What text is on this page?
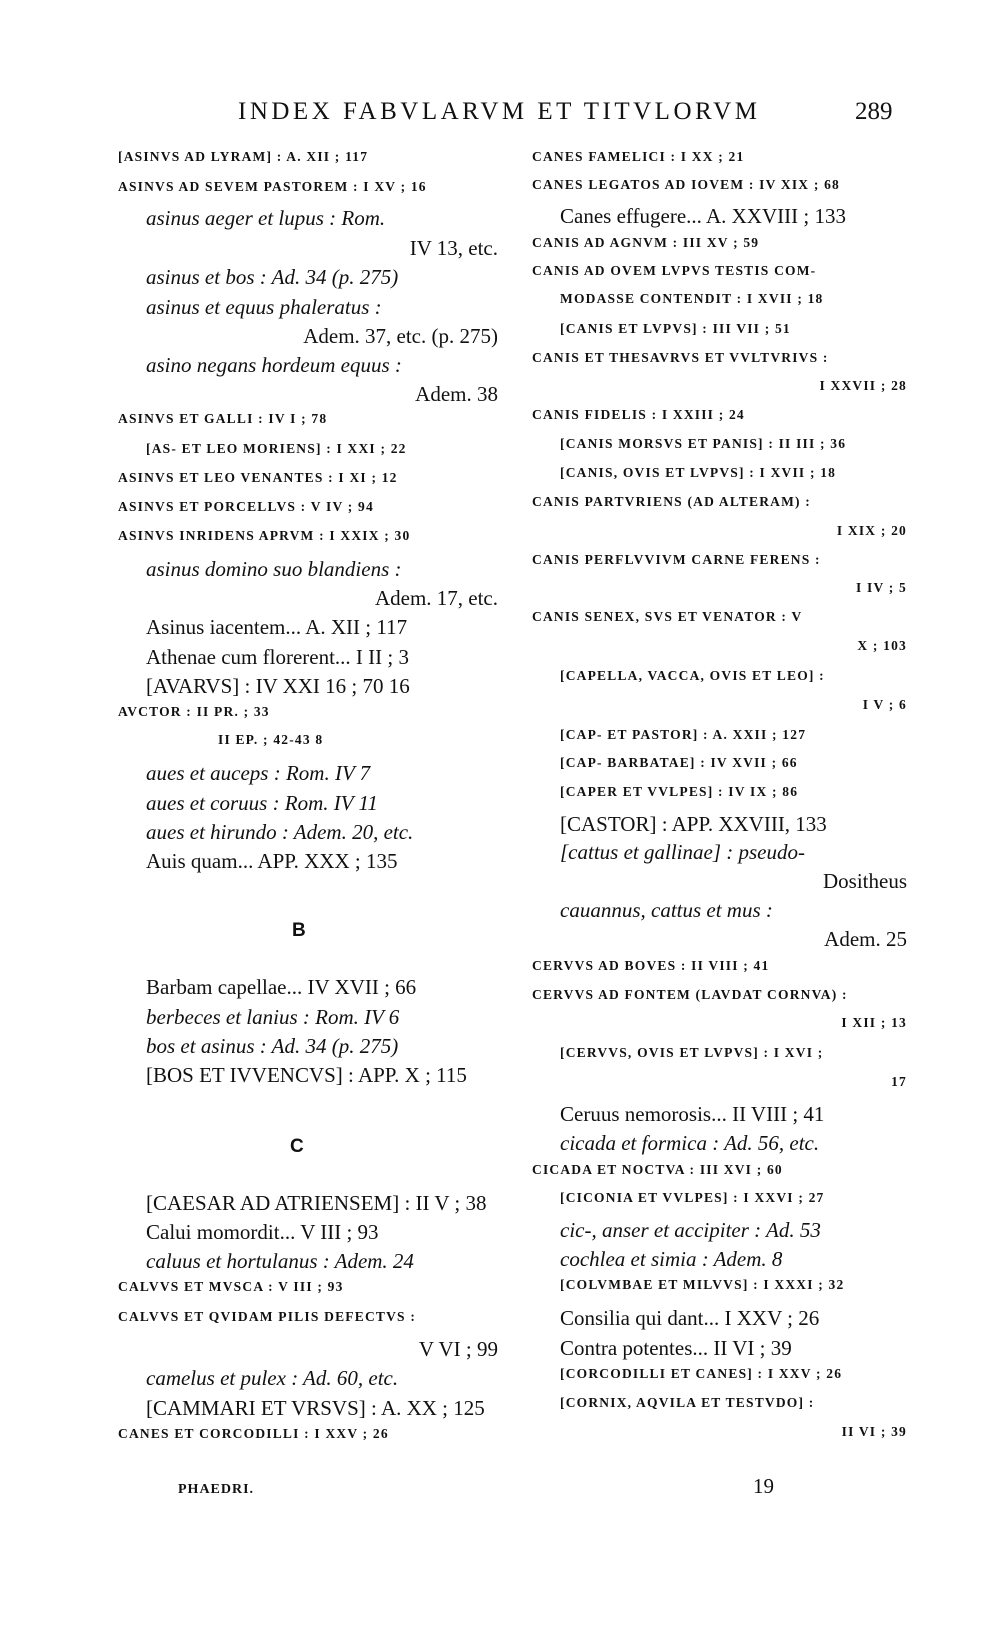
INDEX FABVLARVM ET TITVLORVM	289
[ASINVS AD LYRAM] : A. XII ; 117
ASINVS AD SEVEM PASTOREM : I XV ; 16
asinus aeger et lupus : Rom.
IV 13, etc.
asinus et bos : Ad. 34 (p. 275)
asinus et equus phaleratus :
Adem. 37, etc. (p. 275)
asino negans hordeum equus :
Adem. 38
ASINVS ET GALLI : IV I ; 78
[AS- ET LEO MORIENS] : I XXI ; 22
ASINVS ET LEO VENANTES : I XI ; 12
ASINVS ET PORCELLVS : V IV ; 94
ASINVS INRIDENS APRVM : I XXIX ; 30
asinus domino suo blandiens :
Adem. 17, etc.
Asinus iacentem... A. XII ; 117
Athenae cum florerent... I II ; 3
[AVARVS] : IV XXI 16 ; 70 16
AVCTOR : II PR. ; 33
II EP. ; 42-43 8
aues et auceps : Rom. IV 7
aues et coruus : Rom. IV 11
aues et hirundo : Adem. 20, etc.
Auis quam... APP. XXX ; 135
Barbam capellae... IV XVII ; 66
berbeces et lanius : Rom. IV 6
bos et asinus : Ad. 34 (p. 275)
[BOS ET IVVENCVS] : APP. X ; 115
[CAESAR AD ATRIENSEM] : II V ; 38
Calui momordit... V III ; 93
caluus et hortulanus : Adem. 24
CALVVS ET MVSCA : V III ; 93
CALVVS ET QVIDAM PILIS DEFECTVS :
V VI ; 99
camelus et pulex : Ad. 60, etc.
[CAMMARI ET VRSVS] : A. XX ; 125
CANES ET CORCODILLI : I XXV ; 26
CANES FAMELICI : I XX ; 21
CANES LEGATOS AD IOVEM : IV XIX ; 68
Canes effugere... A. XXVIII ; 133
CANIS AD AGNVM : III XV ; 59
CANIS AD OVEM LVPVS TESTIS COM-
MODASSE CONTENDIT : I XVII ; 18
[CANIS ET LVPVS] : III VII ; 51
CANIS ET THESAVRVS ET VVLTVRIVS :
I XXVII ; 28
CANIS FIDELIS : I XXIII ; 24
[CANIS MORSVS ET PANIS] : II III ; 36
[CANIS, OVIS ET LVPVS] : I XVII ; 18
CANIS PARTVRIENS (AD ALTERAM) :
I XIX ; 20
CANIS PERFLVVIVM CARNE FERENS :
I IV ; 5
CANIS SENEX, SVS ET VENATOR : V
X ; 103
[CAPELLA, VACCA, OVIS ET LEO] :
I V ; 6
[CAP- ET PASTOR] : A. XXII ; 127
[CAP- BARBATAE] : IV XVII ; 66
[CAPER ET VVLPES] : IV IX ; 86
[CASTOR] : APP. XXVIII, 133
[cattus et gallinae] : pseudo-
Dositheus
cauannus, cattus et mus :
Adem. 25
CERVVS AD BOVES : II VIII ; 41
CERVVS AD FONTEM (LAVDAT CORNVA) :
I XII ; 13
[CERVVS, OVIS ET LVPVS] : I XVI ;
17
Ceruus nemorosis... II VIII ; 41
cicada et formica : Ad. 56, etc.
CICADA ET NOCTVA : III XVI ; 60
[CICONIA ET VVLPES] : I XXVI ; 27
cic-, anser et accipiter : Ad. 53
cochlea et simia : Adem. 8
[COLVMBAE ET MILVVS] : I XXXI ; 32
Consilia qui dant... I XXV ; 26
Contra potentes... II VI ; 39
[CORCODILLI ET CANES] : I XXV ; 26
[CORNIX, AQVILA ET TESTVDO] :
II VI ; 39
B
C
PHAEDRI.	19
